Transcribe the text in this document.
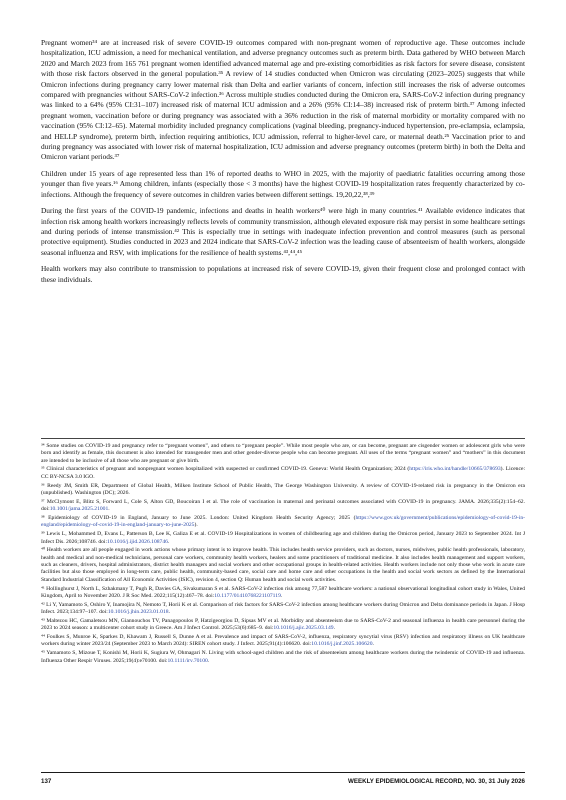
Pregnant women³⁴ are at increased risk of severe COVID-19 outcomes compared with non-pregnant women of reproductive age. These outcomes include hospitalization, ICU admission, a need for mechanical ventilation, and adverse pregnancy outcomes such as preterm birth. Data gathered by WHO between March 2020 and March 2023 from 165 761 pregnant women identified advanced maternal age and pre-existing comorbidities as risk factors for severe disease, consistent with those risk factors observed in the general population.³⁵ A review of 14 studies conducted when Omicron was circulating (2023–2025) suggests that while Omicron infections during pregnancy carry lower maternal risk than Delta and earlier variants of concern, infection still increases the risk of adverse outcomes compared with pregnancies without SARS-CoV-2 infection.³⁶ Across multiple studies conducted during the Omicron era, SARS-CoV-2 infection during pregnancy was linked to a 64% (95% CI:31–107) increased risk of maternal ICU admission and a 26% (95% CI:14–38) increased risk of preterm birth.³⁷ Among infected pregnant women, vaccination before or during pregnancy was associated with a 36% reduction in the risk of maternal morbidity or mortality compared with no vaccination (95% CI:12–65). Maternal morbidity included pregnancy complications (vaginal bleeding, pregnancy-induced hypertension, pre-eclampsia, eclampsia, and HELLP syndrome), preterm birth, infection requiring antibiotics, ICU admission, referral to higher-level care, or maternal death.²⁵ Vaccination prior to and during pregnancy was associated with lower risk of maternal hospitalization, ICU admission and adverse pregnancy outcomes (preterm birth) in both the Delta and Omicron variant periods.³⁷

Children under 15 years of age represented less than 1% of reported deaths to WHO in 2025, with the majority of paediatric fatalities occurring among those younger than five years.¹⁶ Among children, infants (especially those < 3 months) have the highest COVID-19 hospitalization rates frequently characterized by co-infections. Although the frequency of severe outcomes in children varies between different settings. 19,20,22,³⁸,³⁹

During the first years of the COVID-19 pandemic, infections and deaths in health workers⁴⁰ were high in many countries.⁴¹ Available evidence indicates that infection risk among health workers increasingly reflects levels of community transmission, although elevated exposure risk may persist in some healthcare settings and during periods of intense transmission.⁴² This is especially true in settings with inadequate infection prevention and control measures (such as personal protective equipment). Studies conducted in 2023 and 2024 indicate that SARS-CoV-2 infection was the leading cause of absenteeism of health workers, alongside seasonal influenza and RSV, with implications for the resilience of health systems.⁴³,⁴⁴,⁴⁵

Health workers may also contribute to transmission to populations at increased risk of severe COVID-19, given their frequent close and prolonged contact with these individuals.

³⁴ Some studies on COVID-19 and pregnancy refer to “pregnant women”, and others to “pregnant people”. While most people who are, or can become, pregnant are cisgender women or adolescent girls who were born and identify as female, this document is also intended for transgender men and other gender-diverse people who can become pregnant. All uses of the terms “pregnant women” and “mothers” in this document are intended to be inclusive of all those who are pregnant or give birth.

³⁵ Clinical characteristics of pregnant and nonpregnant women hospitalized with suspected or confirmed COVID-19. Geneva: World Health Organization; 2024 (https://iris.who.int/handle/10665/378693). Licence: CC BY-NCSA 3.0 IGO.

³⁶ Reedy JM, Smith ER, Department of Global Health, Milken Institute School of Public Health, The George Washington University. A review of COVID-19-related risk in pregnancy in the Omicron era (unpublished). Washington (DC); 2026.

³⁷ McClymont E, Blitz S, Forward L, Cole S, Alton GD, Boucoiran I et al. The role of vaccination in maternal and perinatal outcomes associated with COVID-19 in pregnancy. JAMA. 2026;335(2):154–62. doi:10.1001/jama.2025.21001.

³⁸ Epidemiology of COVID-19 in England, January to June 2025. London: United Kingdom Health Security Agency; 2025 (https://www.gov.uk/government/publications/epidemiology-of-covid-19-in-england/epidemiology-of-covid-19-in-england-january-to-june-2025).

³⁹ Lewis L, Mohammed D, Evans L, Patterson B, Lee K, Galiza E et al. COVID-19 Hospitalizations in women of childbearing age and children during the Omicron period, January 2023 to September 2024. Int J Infect Dis. 2026;108746. doi:10.1016/j.ijid.2026.108746.

⁴⁰ Health workers are all people engaged in work actions whose primary intent is to improve health. This includes health service providers, such as doctors, nurses, midwives, public health professionals, laboratory, health and medical and non-medical technicians, personal care workers, community health workers, healers and some practitioners of traditional medicine. It also includes health management and support workers, such as cleaners, drivers, hospital administrators, district health managers and social workers and other occupational groups in health-related activities. Health workers include not only those who work in acute care facilities but also those employed in long-term care, public health, community-based care, social care and home care and other occupations in the health and social work sectors as defined by the International Standard Industrial Classification of All Economic Activities (ISIC), revision 4, section Q: Human health and social work activities.

⁴¹ Hollinghurst J, North L, Szhakmany T, Pugh R, Davies GA, Sivakumaran S et al. SARS-CoV-2 infection risk among 77,587 healthcare workers: a national observational longitudinal cohort study in Wales, United Kingdom, April to November 2020. J R Soc Med. 2022;115(12):467–78. doi:10.1177/01410768221107119.

⁴² Li Y, Yamamoto S, Oshiro Y, Inamojira N, Nemoto T, Horii K et al. Comparison of risk factors for SARS-CoV-2 infection among healthcare workers during Omicron and Delta dominance periods in Japan. J Hosp Infect. 2023;134:97–107. doi:10.1016/j.jhin.2023.01.018.

⁴³ Maltezou HC, Gamaletsou MN, Giannouchos TV, Panagopoulos P, Hatzigeorgiou D, Sipsas MV et al. Morbidity and absenteeism due to SARS-CoV-2 and seasonal influenza in health care personnel during the 2023 to 2024 season: a multicenter cohort study in Greece. Am J Infect Control. 2025;53(6):685–9. doi:10.1016/j.ajic.2025.03.149.

⁴⁴ Foulkes S, Munroe K, Sparkes D, Khawam J, Russell S, Dunne A et al. Prevalence and impact of SARS-CoV-2, influenza, respiratory syncytial virus (RSV) infection and respiratory illness on UK healthcare workers during winter 2023/24 (September 2023 to March 2024): SIREN cohort study. J Infect. 2025;91(4):106620. doi:10.1016/j.jinf.2025.106620.

⁴⁵ Yamamoto S, Mizoue T, Konishi M, Horii K, Sugiura W, Ohmagari N. Living with school-aged children and the risk of absenteeism among healthcare workers during the twindemic of COVID-19 and influenza. Influenza Other Respir Viruses. 2025;19(4):e70100. doi:10.1111/irv.70100.

137	WEEKLY EPIDEMIOLOGICAL RECORD, NO. 30, 31 July 2026
